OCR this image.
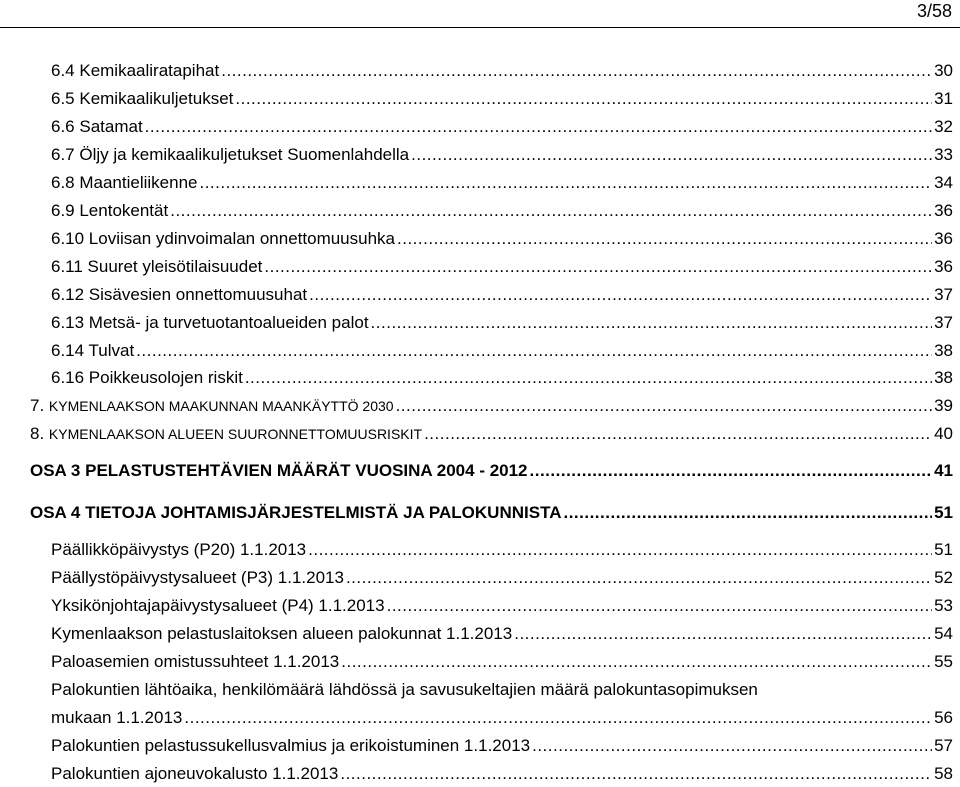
3/58
6.4 Kemikaaliratapihat .....	30
6.5 Kemikaalikuljetukset .....	31
6.6 Satamat .....	32
6.7 Öljy ja kemikaalikuljetukset Suomenlahdella .....	33
6.8 Maantieliikenne .....	34
6.9 Lentokentät .....	36
6.10 Loviisan ydinvoimalan onnettomuusuhka .....	36
6.11 Suuret yleisötilaisuudet .....	36
6.12 Sisävesien onnettomuusuhat .....	37
6.13 Metsä- ja turvetuotantoalueiden palot .....	37
6.14 Tulvat .....	38
6.16 Poikkeusolojen riskit .....	38
7. KYMENLAAKSON MAAKUNNAN MAANKÄYTTÖ 2030 .....	39
8. KYMENLAAKSON ALUEEN SUURONNETTOMUUSRISKIT .....	40
OSA 3 PELASTUSTEHTÄVIEN MÄÄRÄT VUOSINA 2004 - 2012 .....	41
OSA 4 TIETOJA JOHTAMISJÄRJESTELMISTÄ JA PALOKUNNISTA .....	51
Päällikköpäivystys (P20) 1.1.2013 .....	51
Päällystöpäivystysalueet (P3) 1.1.2013 .....	52
Yksikönjohtajapäivystysalueet (P4) 1.1.2013 .....	53
Kymenlaakson pelastuslaitoksen alueen palokunnat 1.1.2013 .....	54
Paloasemien omistussuhteet 1.1.2013 .....	55
Palokuntien lähtöaika, henkilömäärä lähdössä ja savusukeltajien määrä palokuntasopimuksen
mukaan 1.1.2013 .....	56
Palokuntien pelastussukellusvalmius ja erikoistuminen 1.1.2013 .....	57
Palokuntien ajoneuvokalusto 1.1.2013 .....	58
